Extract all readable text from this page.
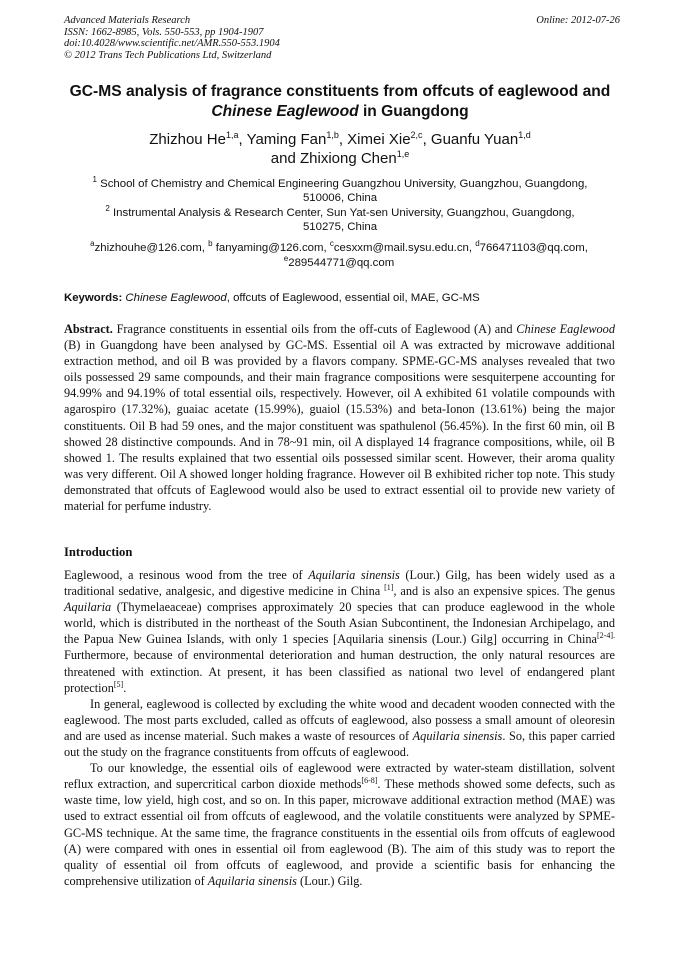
Advanced Materials Research
ISSN: 1662-8985, Vols. 550-553, pp 1904-1907
doi:10.4028/www.scientific.net/AMR.550-553.1904
© 2012 Trans Tech Publications Ltd, Switzerland
Online: 2012-07-26
GC-MS analysis of fragrance constituents from offcuts of eaglewood and
Chinese Eaglewood in Guangdong
Zhizhou He$^{1,a}$, Yaming Fan$^{1,b}$, Ximei Xie$^{2,c}$, Guanfu Yuan$^{1,d}$
and Zhixiong Chen$^{1,e}$
$^1$ School of Chemistry and Chemical Engineering Guangzhou University, Guangzhou, Guangdong,
510006, China
$^2$ Instrumental Analysis & Research Center, Sun Yat-sen University, Guangzhou, Guangdong,
510275, China
$^a$zhizhouhe@126.com, $^b$ fanyaming@126.com, $^c$cesxxm@mail.sysu.edu.cn, $^d$766471103@qq.com,
$^e$289544771@qq.com
Keywords: Chinese Eaglewood, offcuts of Eaglewood, essential oil, MAE, GC-MS

Abstract. Fragrance constituents in essential oils from the off-cuts of Eaglewood (A) and Chinese Eaglewood (B) in Guangdong have been analysed by GC-MS. Essential oil A was extracted by microwave additional extraction method, and oil B was provided by a flavors company. SPME-GC-MS analyses revealed that two oils possessed 29 same compounds, and their main fragrance compositions were sesquiterpene accounting for 94.99% and 94.19% of total essential oils, respectively. However, oil A exhibited 61 volatile compounds with agarospiro (17.32%), guaiac acetate (15.99%), guaiol (15.53%) and beta-Ionon (13.61%) being the major constituents. Oil B had 59 ones, and the major constituent was spathulenol (56.45%). In the first 60 min, oil B showed 28 distinctive compounds. And in 78~91 min, oil A displayed 14 fragrance compositions, while, oil B showed 1. The results explained that two essential oils possessed similar scent. However, their aroma quality was very different. Oil A showed longer holding fragrance. However oil B exhibited richer top note. This study demonstrated that offcuts of Eaglewood would also be used to extract essential oil to provide new variety of material for perfume industry.

Introduction

Eaglewood, a resinous wood from the tree of Aquilaria sinensis (Lour.) Gilg, has been widely used as a traditional sedative, analgesic, and digestive medicine in China [1], and is also an expensive spices. The genus Aquilaria (Thymelaeaceae) comprises approximately 20 species that can produce eaglewood in the whole world, which is distributed in the northeast of the South Asian Subcontinent, the Indonesian Archipelago, and the Papua New Guinea Islands, with only 1 species [Aquilaria sinensis (Lour.) Gilg] occurring in China$^{[2-4].}$ Furthermore, because of environmental deterioration and human destruction, the only natural resources are threatened with extinction. At present, it has been classified as national two level of endangered plant protection[5].

In general, eaglewood is collected by excluding the white wood and decadent wooden connected with the eaglewood. The most parts excluded, called as offcuts of eaglewood, also possess a small amount of oleoresin and are used as incense material. Such makes a waste of resources of Aquilaria sinensis. So, this paper carried out the study on the fragrance constituents from offcuts of eaglewood.

To our knowledge, the essential oils of eaglewood were extracted by water-steam distillation, solvent reflux extraction, and supercritical carbon dioxide methods[6-8]. These methods showed some defects, such as waste time, low yield, high cost, and so on. In this paper, microwave additional extraction method (MAE) was used to extract essential oil from offcuts of eaglewood, and the volatile constituents were analyzed by SPME-GC-MS technique. At the same time, the fragrance constituents in the essential oils from offcuts of eaglewood (A) were compared with ones in essential oil from eaglewood (B). The aim of this study was to report the quality of essential oil from offcuts of eaglewood, and provide a scientific basis for enhancing the comprehensive utilization of Aquilaria sinensis (Lour.) Gilg.
